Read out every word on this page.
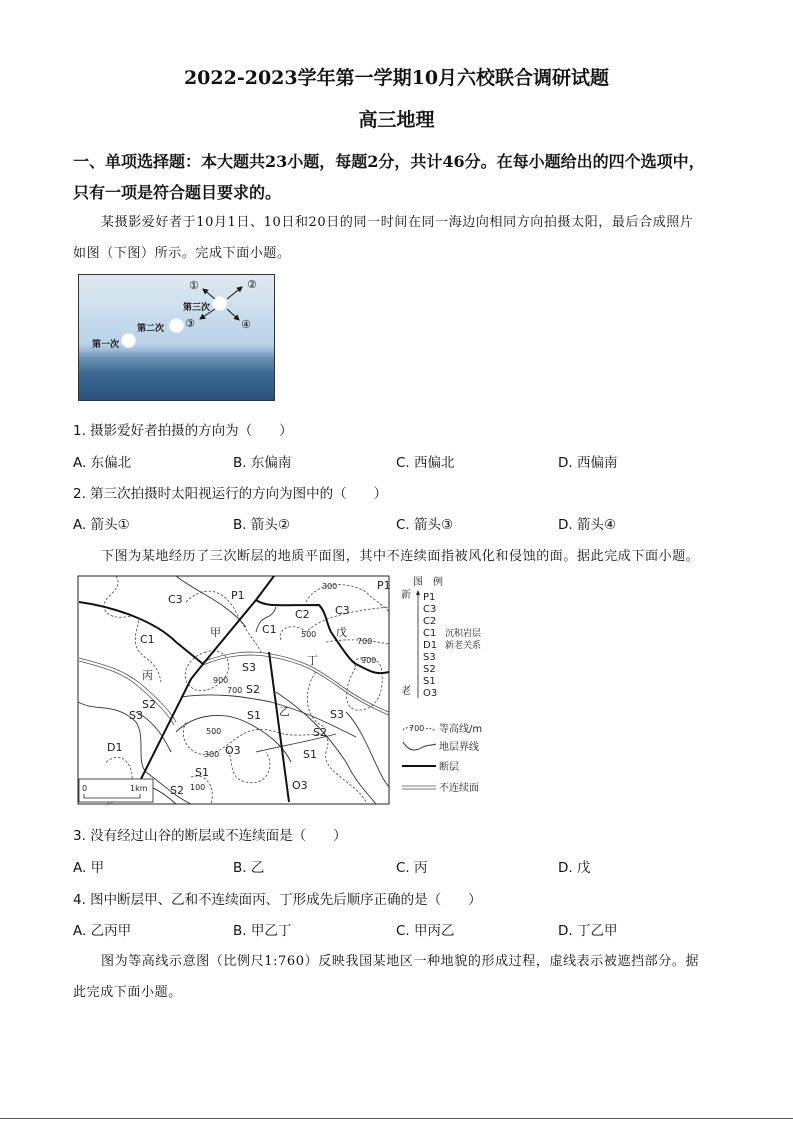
2022-2023学年第一学期10月六校联合调研试题
高三地理
一、单项选择题：本大题共23小题，每题2分，共计46分。在每小题给出的四个选项中，
只有一项是符合题目要求的。
某摄影爱好者于10月1日、10日和20日的同一时间在同一海边向相同方向拍摄太阳，最后合成照片
如图（下图）所示。完成下面小题。
第一次
第二次
第三次
①	②
③	④
1. 摄影爱好者拍摄的方向为（　　）
A. 东偏北	B. 东偏南	C. 西偏北	D. 西偏南
2. 第三次拍摄时太阳视运行的方向为图中的（　　）
A. 箭头①	B. 箭头②	C. 箭头③	D. 箭头④
下图为某地经历了三次断层的地质平面图，其中不连续面指被风化和侵蚀的面。据此完成下面小题。
0	1km
C3	P1
C1
C2 C3
戊
P1
甲
C1
丁
丙
S3
S2
S2
S3	S1 乙	S3
S2
S1
O3
D1
S1
S2	O3
300
500
700
900
900
700
500
300
100
图　例
新
老
P1
C3
C2
C1
D1
S3
S2
S1
O3
沉积岩层
新老关系
700 等高线/m
地层界线
断层
不连续面
3. 没有经过山谷的断层或不连续面是（　　）
A. 甲	B. 乙	C. 丙	D. 戊
4. 图中断层甲、乙和不连续面丙、丁形成先后顺序正确的是（　　）
A. 乙丙甲	B. 甲乙丁	C. 甲丙乙	D. 丁乙甲
图为等高线示意图（比例尺1:760）反映我国某地区一种地貌的形成过程，虚线表示被遮挡部分。据
此完成下面小题。
